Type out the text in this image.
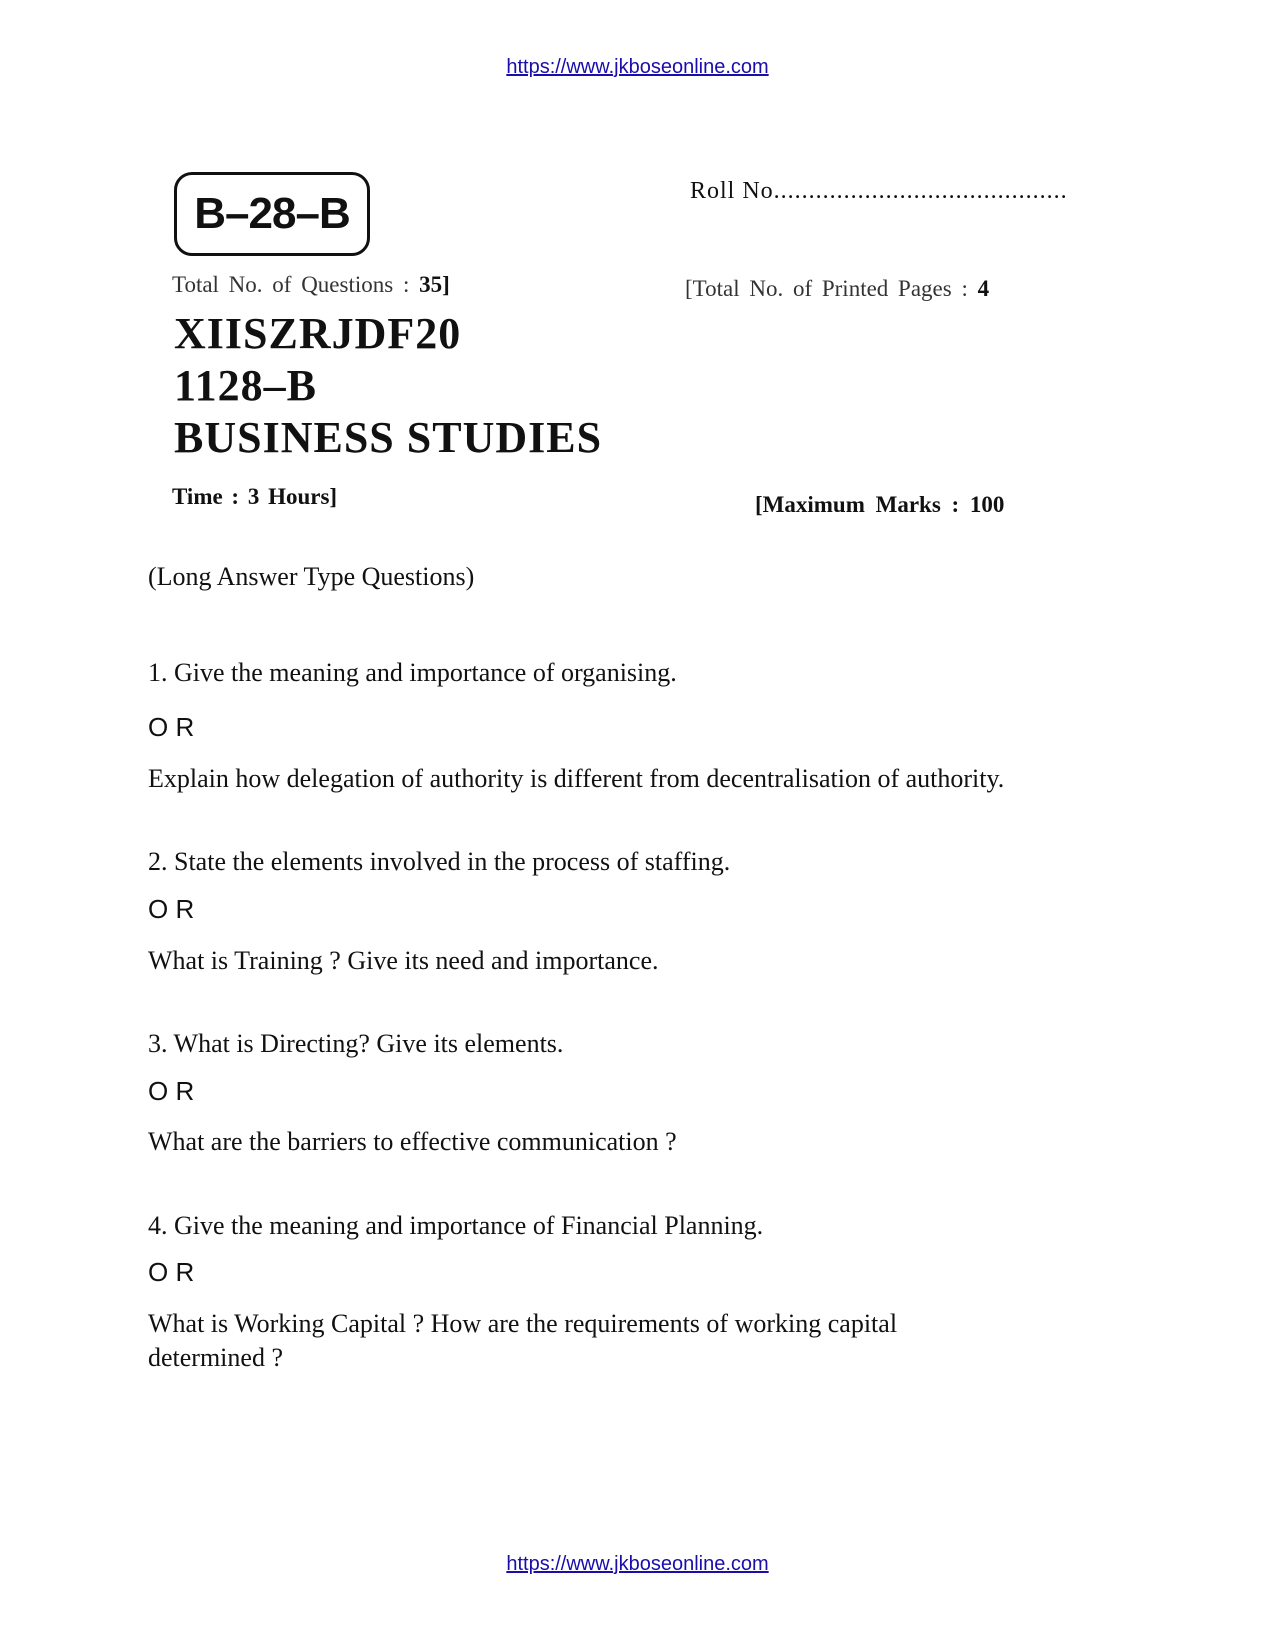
https://www.jkboseonline.com
B–28–B	Roll No..........................................
Total No. of Questions : 35]	[Total No. of Printed Pages : 4
XIISZRJDF20
1128–B
BUSINESS STUDIES
Time : 3 Hours]	[Maximum Marks : 100
(Long Answer Type Questions)
1. Give the meaning and importance of organising.
O R
Explain how delegation of authority is different from decentralisation of authority.
2. State the elements involved in the process of staffing.
O R
What is Training ? Give its need and importance.
3. What is Directing? Give its elements.
O R
What are the barriers to effective communication ?
4. Give the meaning and importance of Financial Planning.
O R
What is Working Capital ? How are the requirements of working capital determined ?
https://www.jkboseonline.com
